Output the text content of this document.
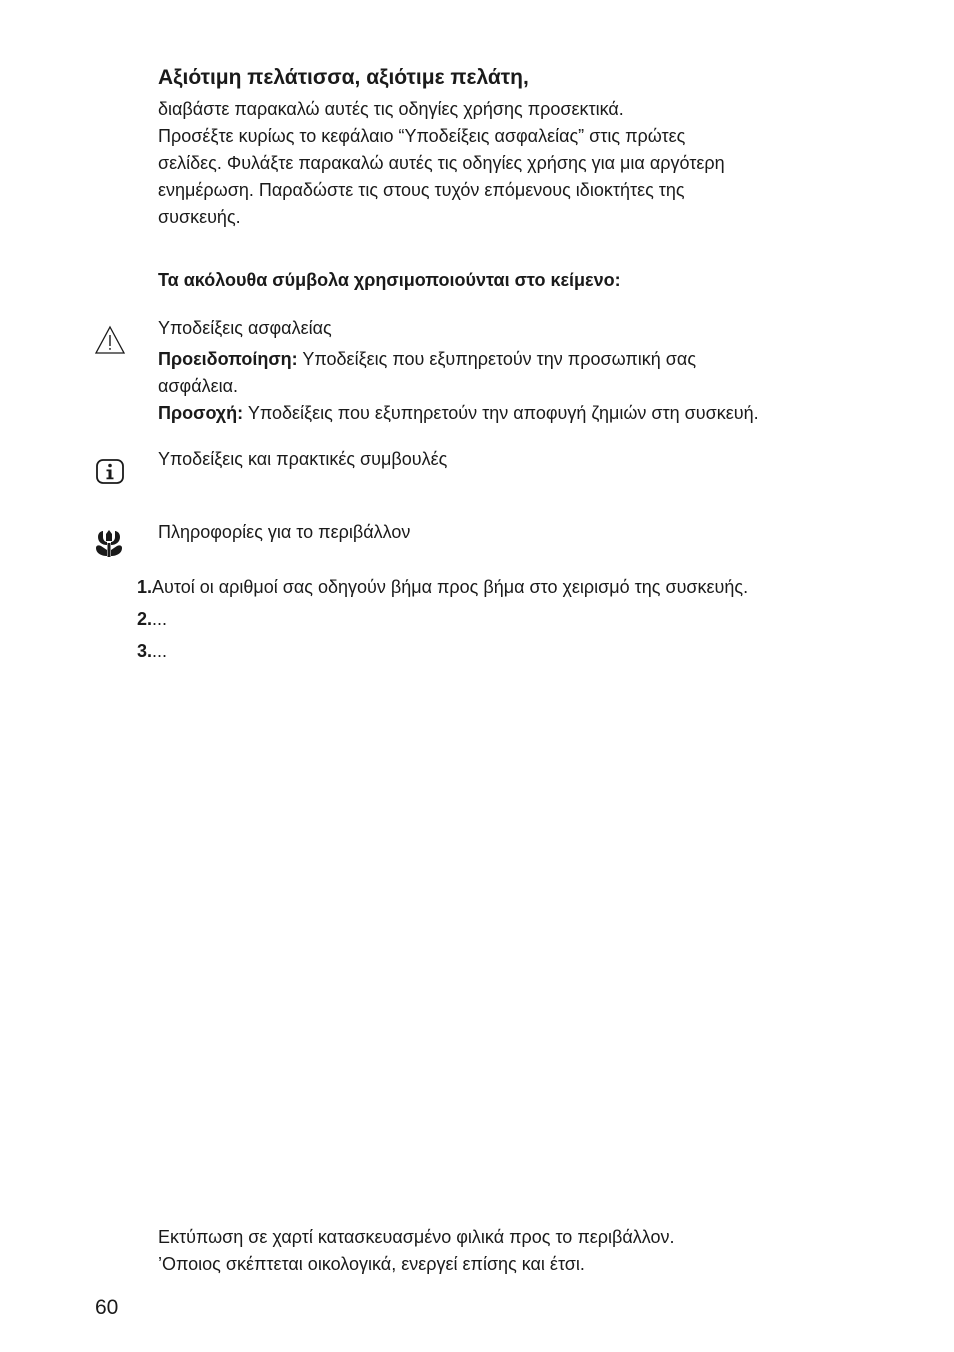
Αξιότιμη πελάτισσα, αξιότιμε πελάτη,
διαβάστε παρακαλώ αυτές τις οδηγίες χρήσης προσεκτικά.
Προσέξτε κυρίως το κεφάλαιο “Υποδείξεις ασφαλείας” στις πρώτες
σελίδες. Φυλάξτε παρακαλώ αυτές τις οδηγίες χρήσης για μια αργότερη
ενημέρωση. Παραδώστε τις στους τυχόν επόμενους ιδιοκτήτες της
συσκευής.
Τα ακόλουθα σύμβολα χρησιμοποιούνται στο κείμενο:
Υποδείξεις ασφαλείας
Προειδοποίηση: Υποδείξεις που εξυπηρετούν την προσωπική σας
ασφάλεια.
Προσοχή: Υποδείξεις που εξυπηρετούν την αποφυγή ζημιών στη συσκευή.
Υποδείξεις και πρακτικές συμβουλές
Πληροφορίες για το περιβάλλον
1.Αυτοί οι αριθμοί σας οδηγούν βήμα προς βήμα στο χειρισμό της συσκευής.
2....
3....
Εκτύπωση σε χαρτί κατασκευασμένο φιλικά προς το περιβάλλον.
’Οποιος σκέπτεται οικολογικά, ενεργεί επίσης και έτσι.
60
